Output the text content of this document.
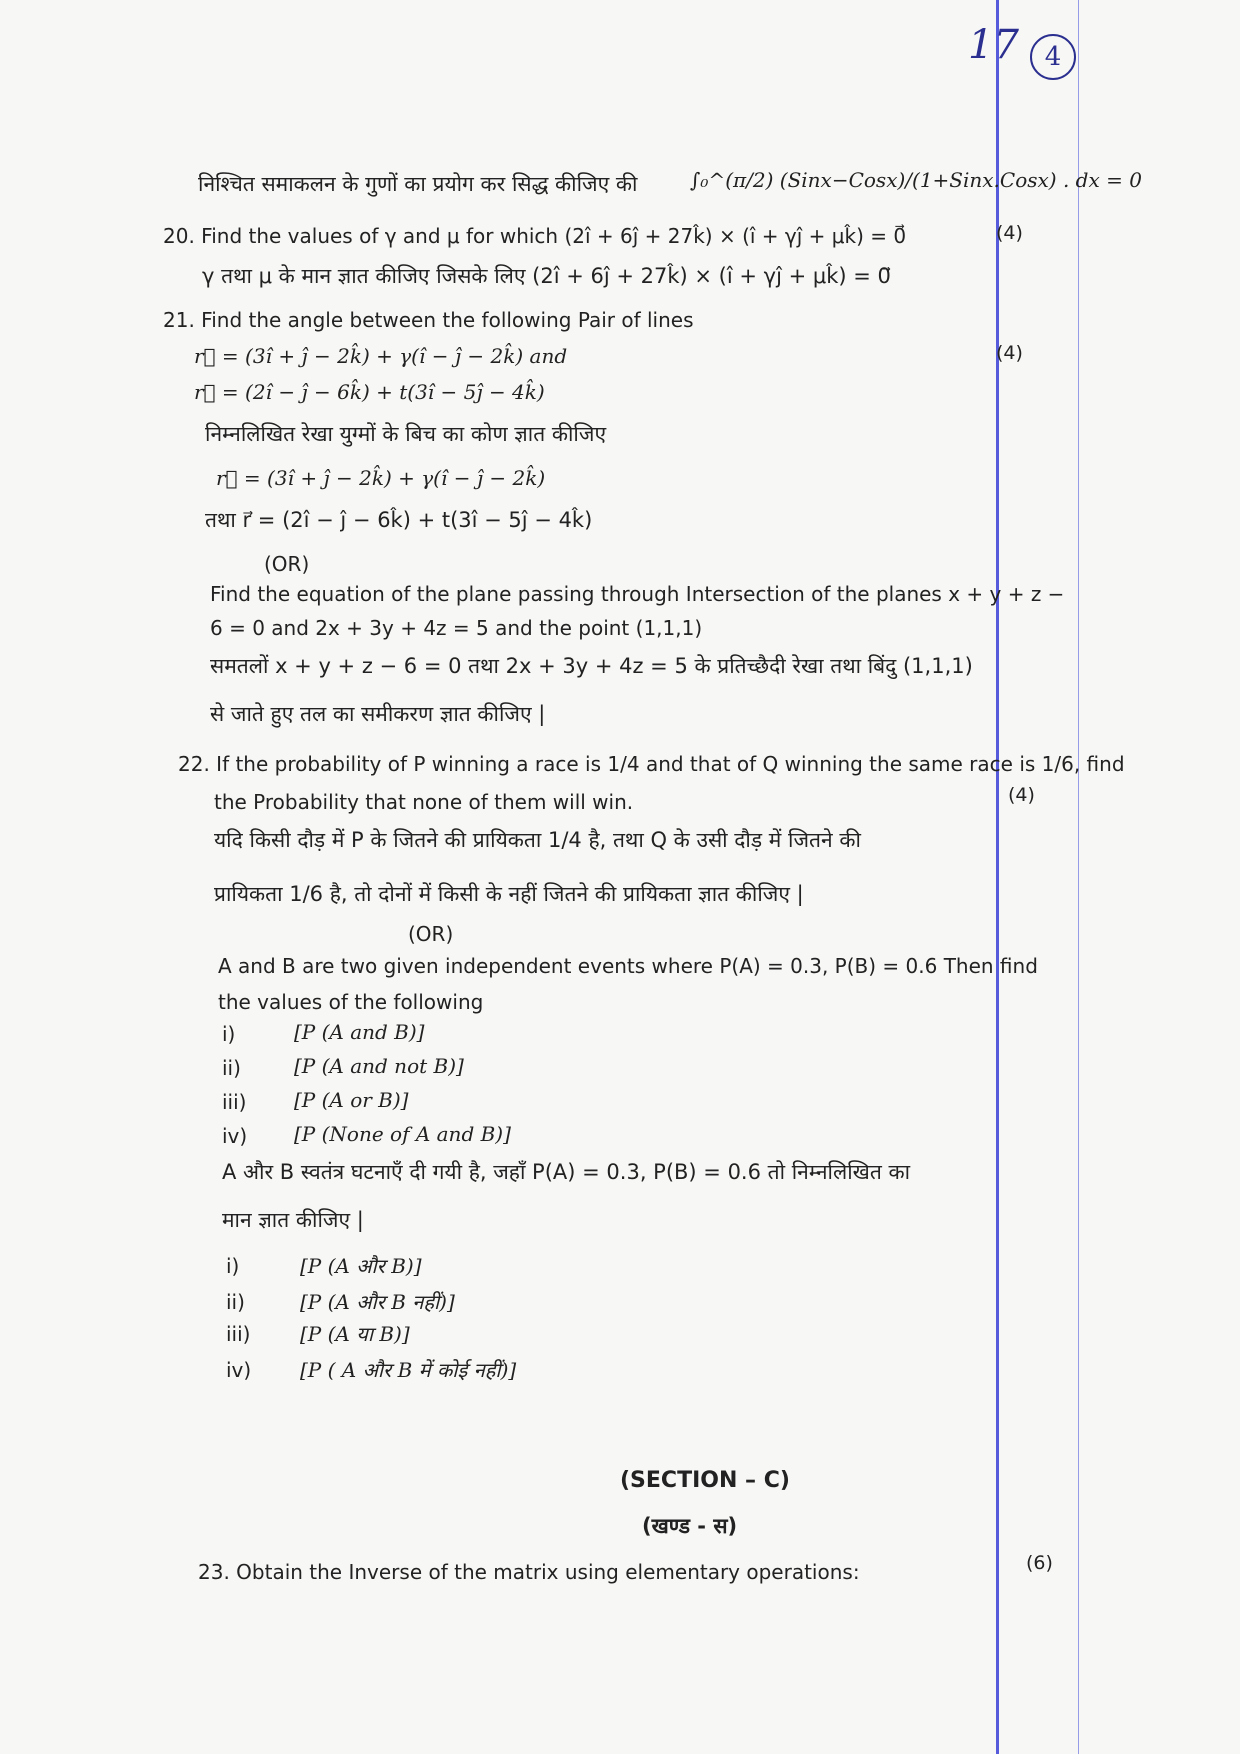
17 4
निश्चित समाकलन के गुणों का प्रयोग कर सिद्ध कीजिए की	∫₀^(π/2) (Sinx−Cosx)/(1+Sinx.Cosx) . dx = 0
20. Find the values of γ and μ for which (2î + 6ĵ + 27k̂) × (î + γĵ + μk̂) = 0⃗	(4)
γ तथा μ के मान ज्ञात कीजिए जिसके लिए (2î + 6ĵ + 27k̂) × (î + γĵ + μk̂) = 0⃗
21. Find the angle between the following Pair of lines
(4)
r⃗ = (3î + ĵ − 2k̂) + γ(î − ĵ − 2k̂) and
r⃗ = (2î − ĵ − 6k̂) + t(3î − 5ĵ − 4k̂)
निम्नलिखित रेखा युग्मों के बिच का कोण ज्ञात कीजिए
r⃗ = (3î + ĵ − 2k̂) + γ(î − ĵ − 2k̂)
तथा r⃗ = (2î − ĵ − 6k̂) + t(3î − 5ĵ − 4k̂)
(OR)
Find the equation of the plane passing through Intersection of the planes x + y + z −
6 = 0 and 2x + 3y + 4z = 5 and the point (1,1,1)
समतलों x + y + z − 6 = 0 तथा 2x + 3y + 4z = 5 के प्रतिच्छैदी रेखा तथा बिंदु (1,1,1)
से जाते हुए तल का समीकरण ज्ञात कीजिए |
22. If the probability of P winning a race is 1/4 and that of Q winning the same race is 1/6, find
the Probability that none of them will win.	(4)
यदि किसी दौड़ में P के जितने की प्रायिकता 1/4 है, तथा Q के उसी दौड़ में जितने की
प्रायिकता 1/6 है, तो दोनों में किसी के नहीं जितने की प्रायिकता ज्ञात कीजिए |
(OR)
A and B are two given independent events where P(A) = 0.3, P(B) = 0.6 Then find
the values of the following
i)	[P (A and B)]
ii)	[P (A and not B)]
iii) [P (A or B)]
iv) [P (None of A and B)]
A और B स्वतंत्र घटनाएँ दी गयी है, जहाँ P(A) = 0.3, P(B) = 0.6 तो निम्नलिखित का
मान ज्ञात कीजिए |
i)	[P (A और B)]
ii)	[P (A और B नहीं)]
iii) [P (A या B)]
iv) [P ( A और B में कोई नहीं)]
(SECTION – C)
(खण्ड - स)
23. Obtain the Inverse of the matrix using elementary operations:	(6)
